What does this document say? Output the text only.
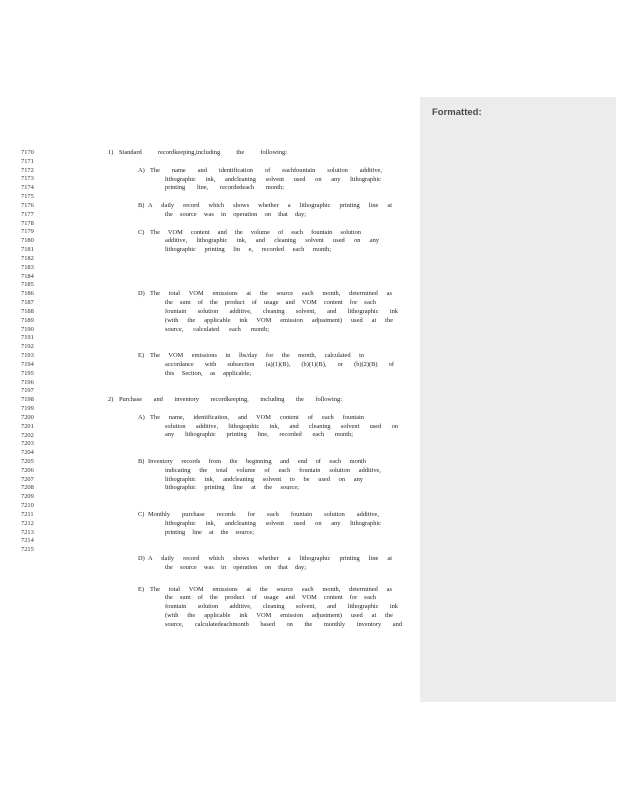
7170
7171
7172
7173
7174
7175
7176
7177
7178
7179
7180
7181
7182
7183
7184
7185
7186
7187
7188
7189
7190
7191
7192
7193
7194
7195
7196
7197
7198
7199
7200
7201
7202
7203
7204
7205
7206
7207
7208
7209
7210
7211
7212
7213
7214
7215
1) Standard recordkeeping,including the following:
A) The name and identification of eachfountain solution additive,
lithographic ink, andcleaning solvent used on any lithographic
printing line, recordedeach month;
B) A daily record which shows whether a lithographic printing line at
the source was in operation on that day;
C) The VOM content and the volume of each fountain solution
additive, lithographic ink, and cleaning solvent used on any
lithographic printing lin e, recorded each month;
D) The total VOM emissions at the source each month, determined as
the sum of the product of usage and VOM content for each
fountain solution additive, cleaning solvent, and lithographic ink
(with the applicable ink VOM emission adjustment) used at the
source, calculated each month;
E) The VOM emissions in lbs/day for the month, calculated in
accordance with subsection (a)(1)(B), (b)(1)(B), or (b)(2)(B) of
this Section, as applicable;
2) Purchase and inventory recordkeeping, including the following:
A) The name, identification, and VOM content of each fountain
solution additive, lithographic ink, and cleaning solvent used on
any lithographic printing line, recorded each month;
B) Inventory records from the beginning and end of each month
indicating the total volume of each fountain solution additive,
lithographic ink, andcleaning solvent to be used on any
lithographic printing line at the source;
C) Monthly purchase records for each fountain solution additive,
lithographic ink, andcleaning solvent used on any lithographic
printing line at the source;
D) A daily record which shows whether a lithographic printing line at
the source was in operation on that day;
E) The total VOM emissions at the source each month, determined as
the sum of the product of usage and VOM content for each
fountain solution additive, cleaning solvent, and lithographic ink
(with the applicable ink VOM emission adjustment) used at the
source, calculatedeachmonth based on the monthly inventory and
Formatted:
